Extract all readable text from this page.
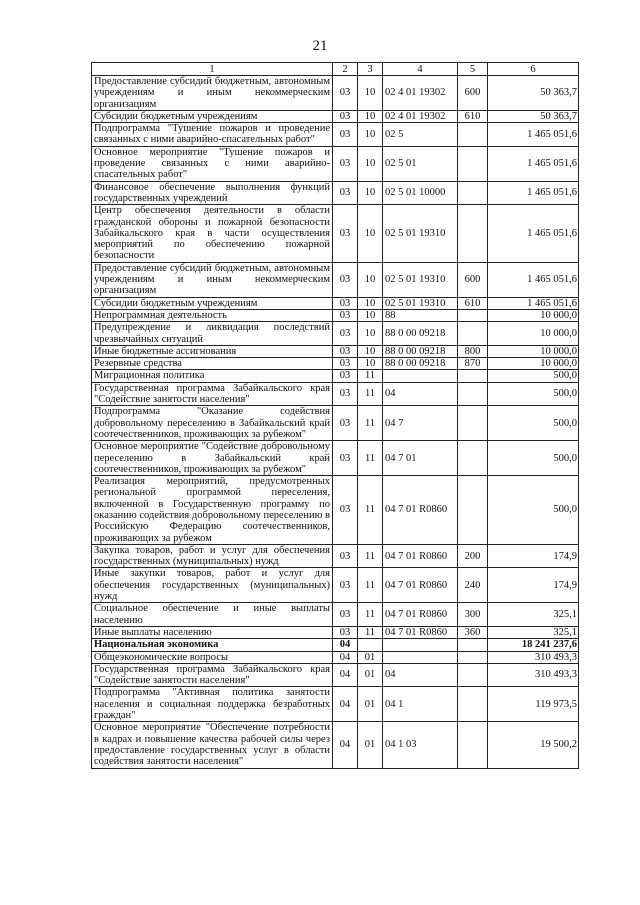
21
1	2	3	4	5	6
Предоставление субсидий бюджетным, автономным учреждениям и иным некоммерческим организациям	03	10	02 4 01 19302	600	50 363,7
Субсидии бюджетным учреждениям	03	10	02 4 01 19302	610	50 363,7
Подпрограмма "Тушение пожаров и проведение связанных с ними аварийно-спасательных работ"	03	10	02 5		1 465 051,6
Основное мероприятие "Тушение пожаров и проведение связанных с ними аварийно-спасательных работ"	03	10	02 5 01		1 465 051,6
Финансовое обеспечение выполнения функций государственных учреждений	03	10	02 5 01 10000		1 465 051,6
Центр обеспечения деятельности в области гражданской обороны и пожарной безопасности Забайкальского края в части осуществления мероприятий по обеспечению пожарной безопасности	03	10	02 5 01 19310		1 465 051,6
Предоставление субсидий бюджетным, автономным учреждениям и иным некоммерческим организациям	03	10	02 5 01 19310	600	1 465 051,6
Субсидии бюджетным учреждениям	03	10	02 5 01 19310	610	1 465 051,6
Непрограммная деятельность	03	10	88		10 000,0
Предупреждение и ликвидация последствий чрезвычайных ситуаций	03	10	88 0 00 09218		10 000,0
Иные бюджетные ассигнования	03	10	88 0 00 09218	800	10 000,0
Резервные средства	03	10	88 0 00 09218	870	10 000,0
Миграционная политика	03	11			500,0
Государственная программа Забайкальского края "Содействие занятости населения"	03	11	04		500,0
Подпрограмма "Оказание содействия добровольному переселению в Забайкальский край соотечественников, проживающих за рубежом"	03	11	04 7		500,0
Основное мероприятие "Содействие добровольному переселению в Забайкальский край соотечественников, проживающих за рубежом"	03	11	04 7 01		500,0
Реализация мероприятий, предусмотренных региональной программой переселения, включенной в Государственную программу по оказанию содействия добровольному переселению в Российскую Федерацию соотечественников, проживающих за рубежом	03	11	04 7 01 R0860		500,0
Закупка товаров, работ и услуг для обеспечения государственных (муниципальных) нужд	03	11	04 7 01 R0860	200	174,9
Иные закупки товаров, работ и услуг для обеспечения государственных (муниципальных) нужд	03	11	04 7 01 R0860	240	174,9
Социальное обеспечение и иные выплаты населению	03	11	04 7 01 R0860	300	325,1
Иные выплаты населению	03	11	04 7 01 R0860	360	325,1
Национальная экономика	04				18 241 237,6
Общеэкономические вопросы	04	01			310 493,3
Государственная программа Забайкальского края "Содействие занятости населения"	04	01	04		310 493,3
Подпрограмма "Активная политика занятости населения и социальная поддержка безработных граждан"	04	01	04 1		119 973,5
Основное мероприятие "Обеспечение потребности в кадрах и повышение качества рабочей силы через предоставление государственных услуг в области содействия занятости населения"	04	01	04 1 03		19 500,2
